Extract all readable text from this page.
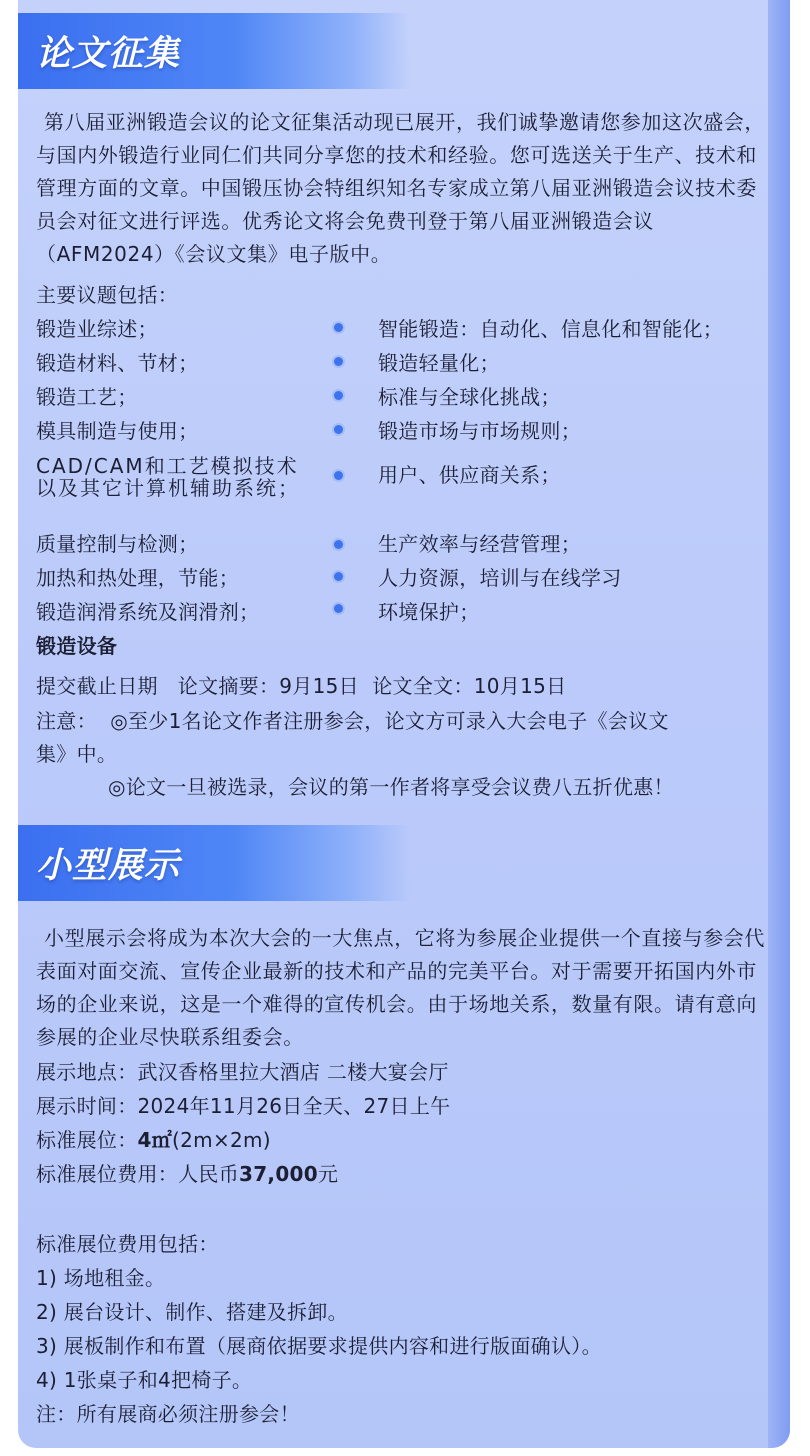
论文征集
第八届亚洲锻造会议的论文征集活动现已展开，我们诚挚邀请您参加这次盛会，与国内外锻造行业同仁们共同分享您的技术和经验。您可选送关于生产、技术和管理方面的文章。中国锻压协会特组织知名专家成立第八届亚洲锻造会议技术委员会对征文进行评选。优秀论文将会免费刊登于第八届亚洲锻造会议（AFM2024）《会议文集》电子版中。
主要议题包括：
锻造业综述；
锻造材料、节材；
锻造工艺；
模具制造与使用；
CAD/CAM和工艺模拟技术以及其它计算机辅助系统；
质量控制与检测；
加热和热处理，节能；
锻造润滑系统及润滑剂；
锻造设备
智能锻造：自动化、信息化和智能化；
锻造轻量化；
标准与全球化挑战；
锻造市场与市场规则；
用户、供应商关系；
生产效率与经营管理；
人力资源，培训与在线学习
环境保护；
提交截止日期   论文摘要：9月15日  论文全文：10月15日
注意：  ◎至少1名论文作者注册参会，论文方可录入大会电子《会议文
集》中。
◎论文一旦被选录，会议的第一作者将享受会议费八五折优惠！
小型展示
小型展示会将成为本次大会的一大焦点，它将为参展企业提供一个直接与参会代表面对面交流、宣传企业最新的技术和产品的完美平台。对于需要开拓国内外市场的企业来说，这是一个难得的宣传机会。由于场地关系，数量有限。请有意向参展的企业尽快联系组委会。
展示地点：武汉香格里拉大酒店 二楼大宴会厅
展示时间：2024年11月26日全天、27日上午
标准展位：4㎡(2m×2m)
标准展位费用：人民币37,000元
标准展位费用包括：
1) 场地租金。
2) 展台设计、制作、搭建及拆卸。
3) 展板制作和布置（展商依据要求提供内容和进行版面确认）。
4) 1张桌子和4把椅子。
注：所有展商必须注册参会！
